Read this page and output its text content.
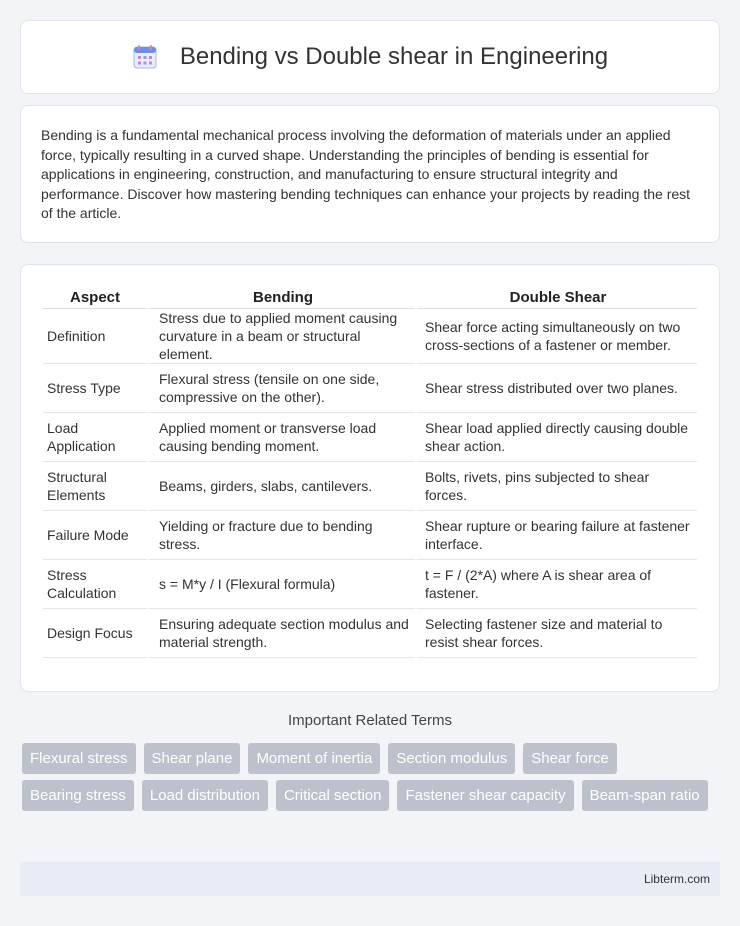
Bending vs Double shear in Engineering

Bending is a fundamental mechanical process involving the deformation of materials under an applied force, typically resulting in a curved shape. Understanding the principles of bending is essential for applications in engineering, construction, and manufacturing to ensure structural integrity and performance. Discover how mastering bending techniques can enhance your projects by reading the rest of the article.

Aspect	Bending	Double Shear
Definition	Stress due to applied moment causing curvature in a beam or structural element.	Shear force acting simultaneously on two cross-sections of a fastener or member.
Stress Type	Flexural stress (tensile on one side, compressive on the other).	Shear stress distributed over two planes.
Load Application	Applied moment or transverse load causing bending moment.	Shear load applied directly causing double shear action.
Structural Elements	Beams, girders, slabs, cantilevers.	Bolts, rivets, pins subjected to shear forces.
Failure Mode	Yielding or fracture due to bending stress.	Shear rupture or bearing failure at fastener interface.
Stress Calculation	s = M*y / I (Flexural formula)	t = F / (2*A) where A is shear area of fastener.
Design Focus	Ensuring adequate section modulus and material strength.	Selecting fastener size and material to resist shear forces.
Important Related Terms
Flexural stress	Shear plane	Moment of inertia	Section modulus	Shear force
Bearing stress	Load distribution	Critical section	Fastener shear capacity	Beam-span ratio
Libterm.com
